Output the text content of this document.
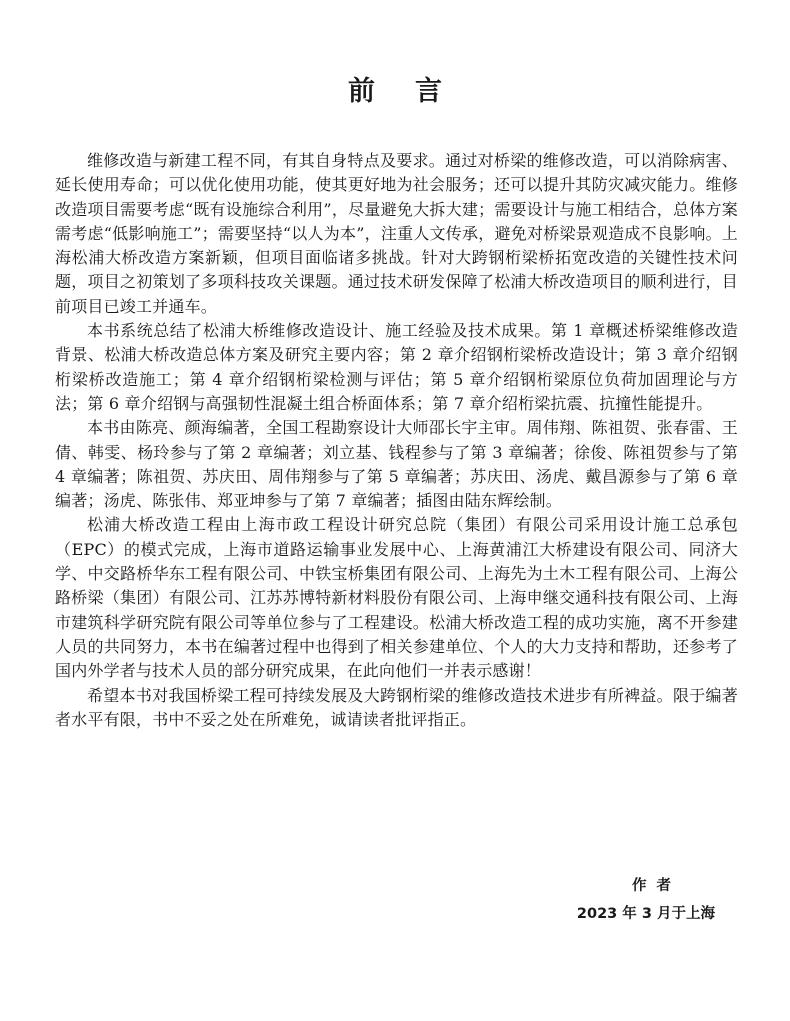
前言

维修改造与新建工程不同，有其自身特点及要求。通过对桥梁的维修改造，可以消除病害、延长使用寿命；可以优化使用功能，使其更好地为社会服务；还可以提升其防灾减灾能力。维修改造项目需要考虑“既有设施综合利用”，尽量避免大拆大建；需要设计与施工相结合，总体方案需考虑“低影响施工”；需要坚持“以人为本”，注重人文传承，避免对桥梁景观造成不良影响。上海松浦大桥改造方案新颖，但项目面临诸多挑战。针对大跨钢桁梁桥拓宽改造的关键性技术问题，项目之初策划了多项科技攻关课题。通过技术研发保障了松浦大桥改造项目的顺利进行，目前项目已竣工并通车。

本书系统总结了松浦大桥维修改造设计、施工经验及技术成果。第 1 章概述桥梁维修改造背景、松浦大桥改造总体方案及研究主要内容；第 2 章介绍钢桁梁桥改造设计；第 3 章介绍钢桁梁桥改造施工；第 4 章介绍钢桁梁检测与评估；第 5 章介绍钢桁梁原位负荷加固理论与方法；第 6 章介绍钢与高强韧性混凝土组合桥面体系；第 7 章介绍桁梁抗震、抗撞性能提升。

本书由陈亮、颜海编著，全国工程勘察设计大师邵长宇主审。周伟翔、陈祖贺、张春雷、王倩、韩雯、杨玲参与了第 2 章编著；刘立基、钱程参与了第 3 章编著；徐俊、陈祖贺参与了第 4 章编著；陈祖贺、苏庆田、周伟翔参与了第 5 章编著；苏庆田、汤虎、戴昌源参与了第 6 章编著；汤虎、陈张伟、郑亚坤参与了第 7 章编著；插图由陆东辉绘制。

松浦大桥改造工程由上海市政工程设计研究总院（集团）有限公司采用设计施工总承包（EPC）的模式完成，上海市道路运输事业发展中心、上海黄浦江大桥建设有限公司、同济大学、中交路桥华东工程有限公司、中铁宝桥集团有限公司、上海先为土木工程有限公司、上海公路桥梁（集团）有限公司、江苏苏博特新材料股份有限公司、上海申继交通科技有限公司、上海市建筑科学研究院有限公司等单位参与了工程建设。松浦大桥改造工程的成功实施，离不开参建人员的共同努力，本书在编著过程中也得到了相关参建单位、个人的大力支持和帮助，还参考了国内外学者与技术人员的部分研究成果，在此向他们一并表示感谢！

希望本书对我国桥梁工程可持续发展及大跨钢桁梁的维修改造技术进步有所裨益。限于编著者水平有限，书中不妥之处在所难免，诚请读者批评指正。

作者
2023 年 3 月于上海
